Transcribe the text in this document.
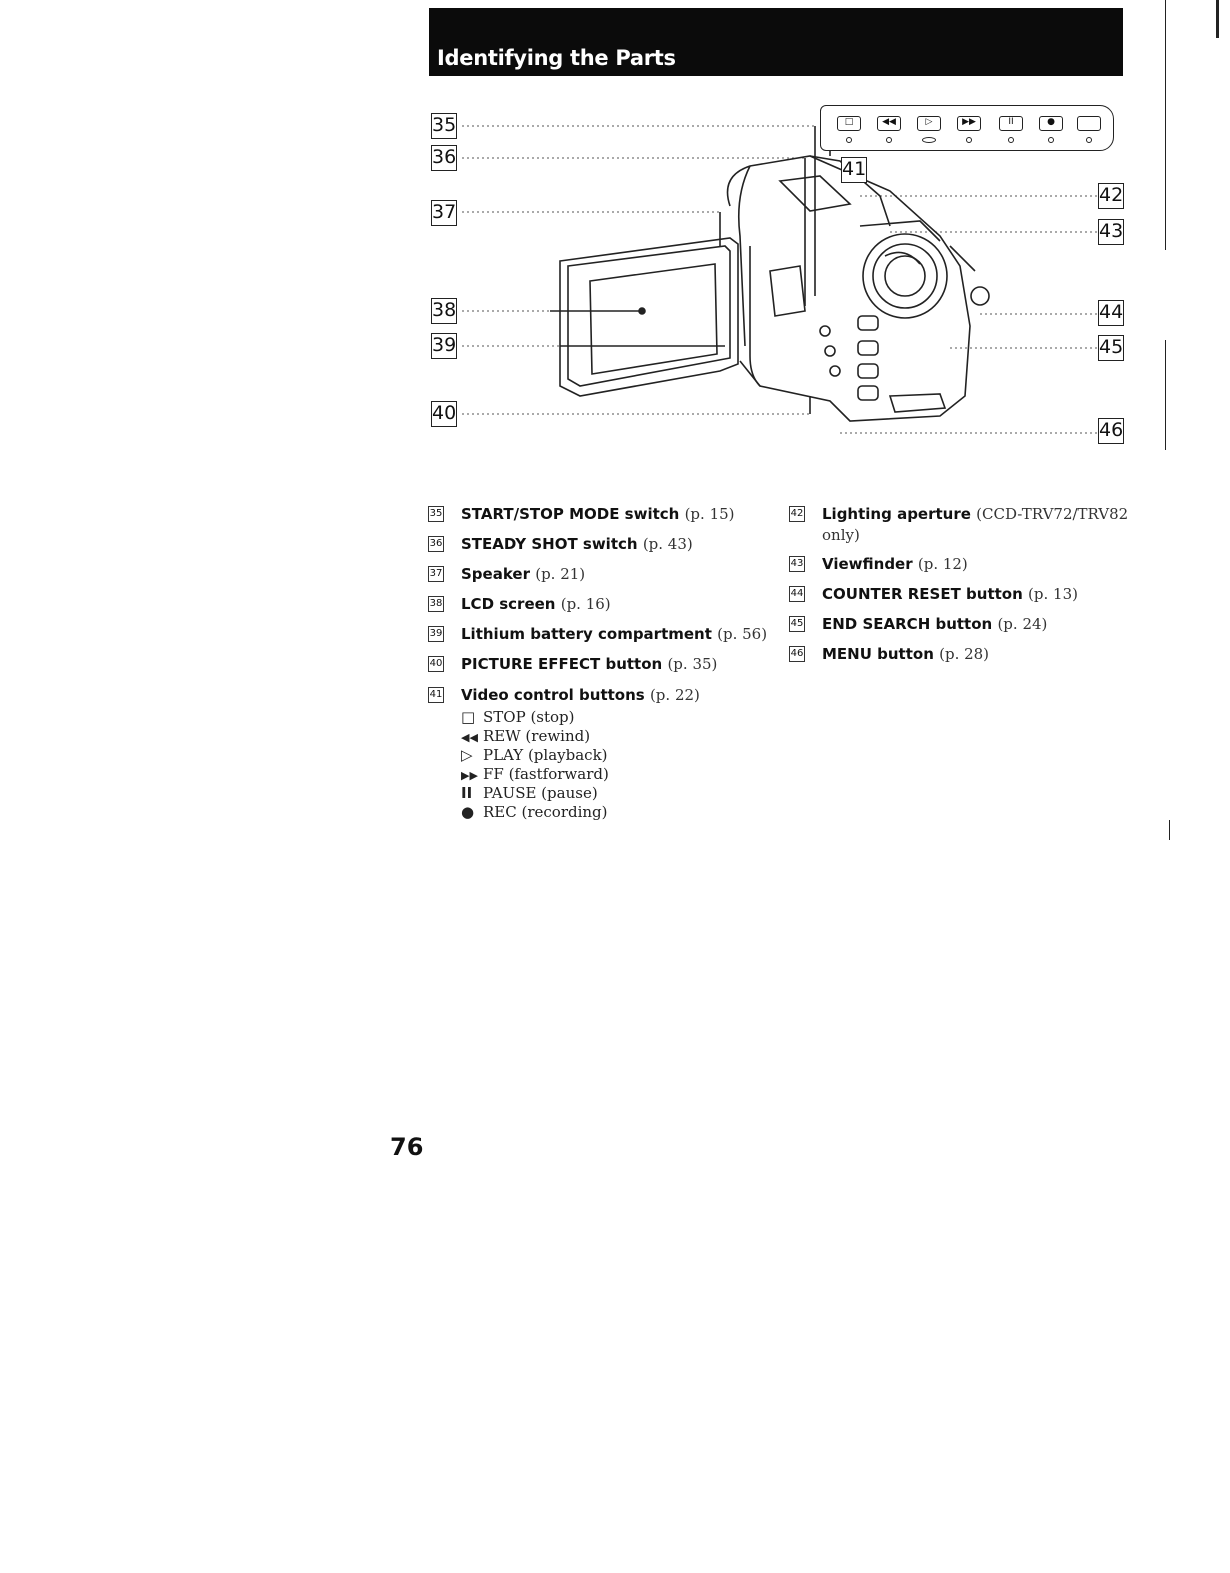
Identifying the Parts
35
36
37
38
39
40
41
42
43
44
45
46
□	◀◀	▷	▶▶	II	●
35 START/STOP MODE switch (p. 15)
36 STEADY SHOT switch (p. 43)
37 Speaker (p. 21)
38 LCD screen (p. 16)
39 Lithium battery compartment (p. 56)
40 PICTURE EFFECT button (p. 35)
41 Video control buttons (p. 22)
□ STOP (stop)
◀◀ REW (rewind)
▷ PLAY (playback)
▶▶ FF (fastforward)
II PAUSE (pause)
● REC (recording)
42 Lighting aperture (CCD-TRV72/TRV82
only)
43 Viewfinder (p. 12)
44 COUNTER RESET button (p. 13)
45 END SEARCH button (p. 24)
46 MENU button (p. 28)
76
